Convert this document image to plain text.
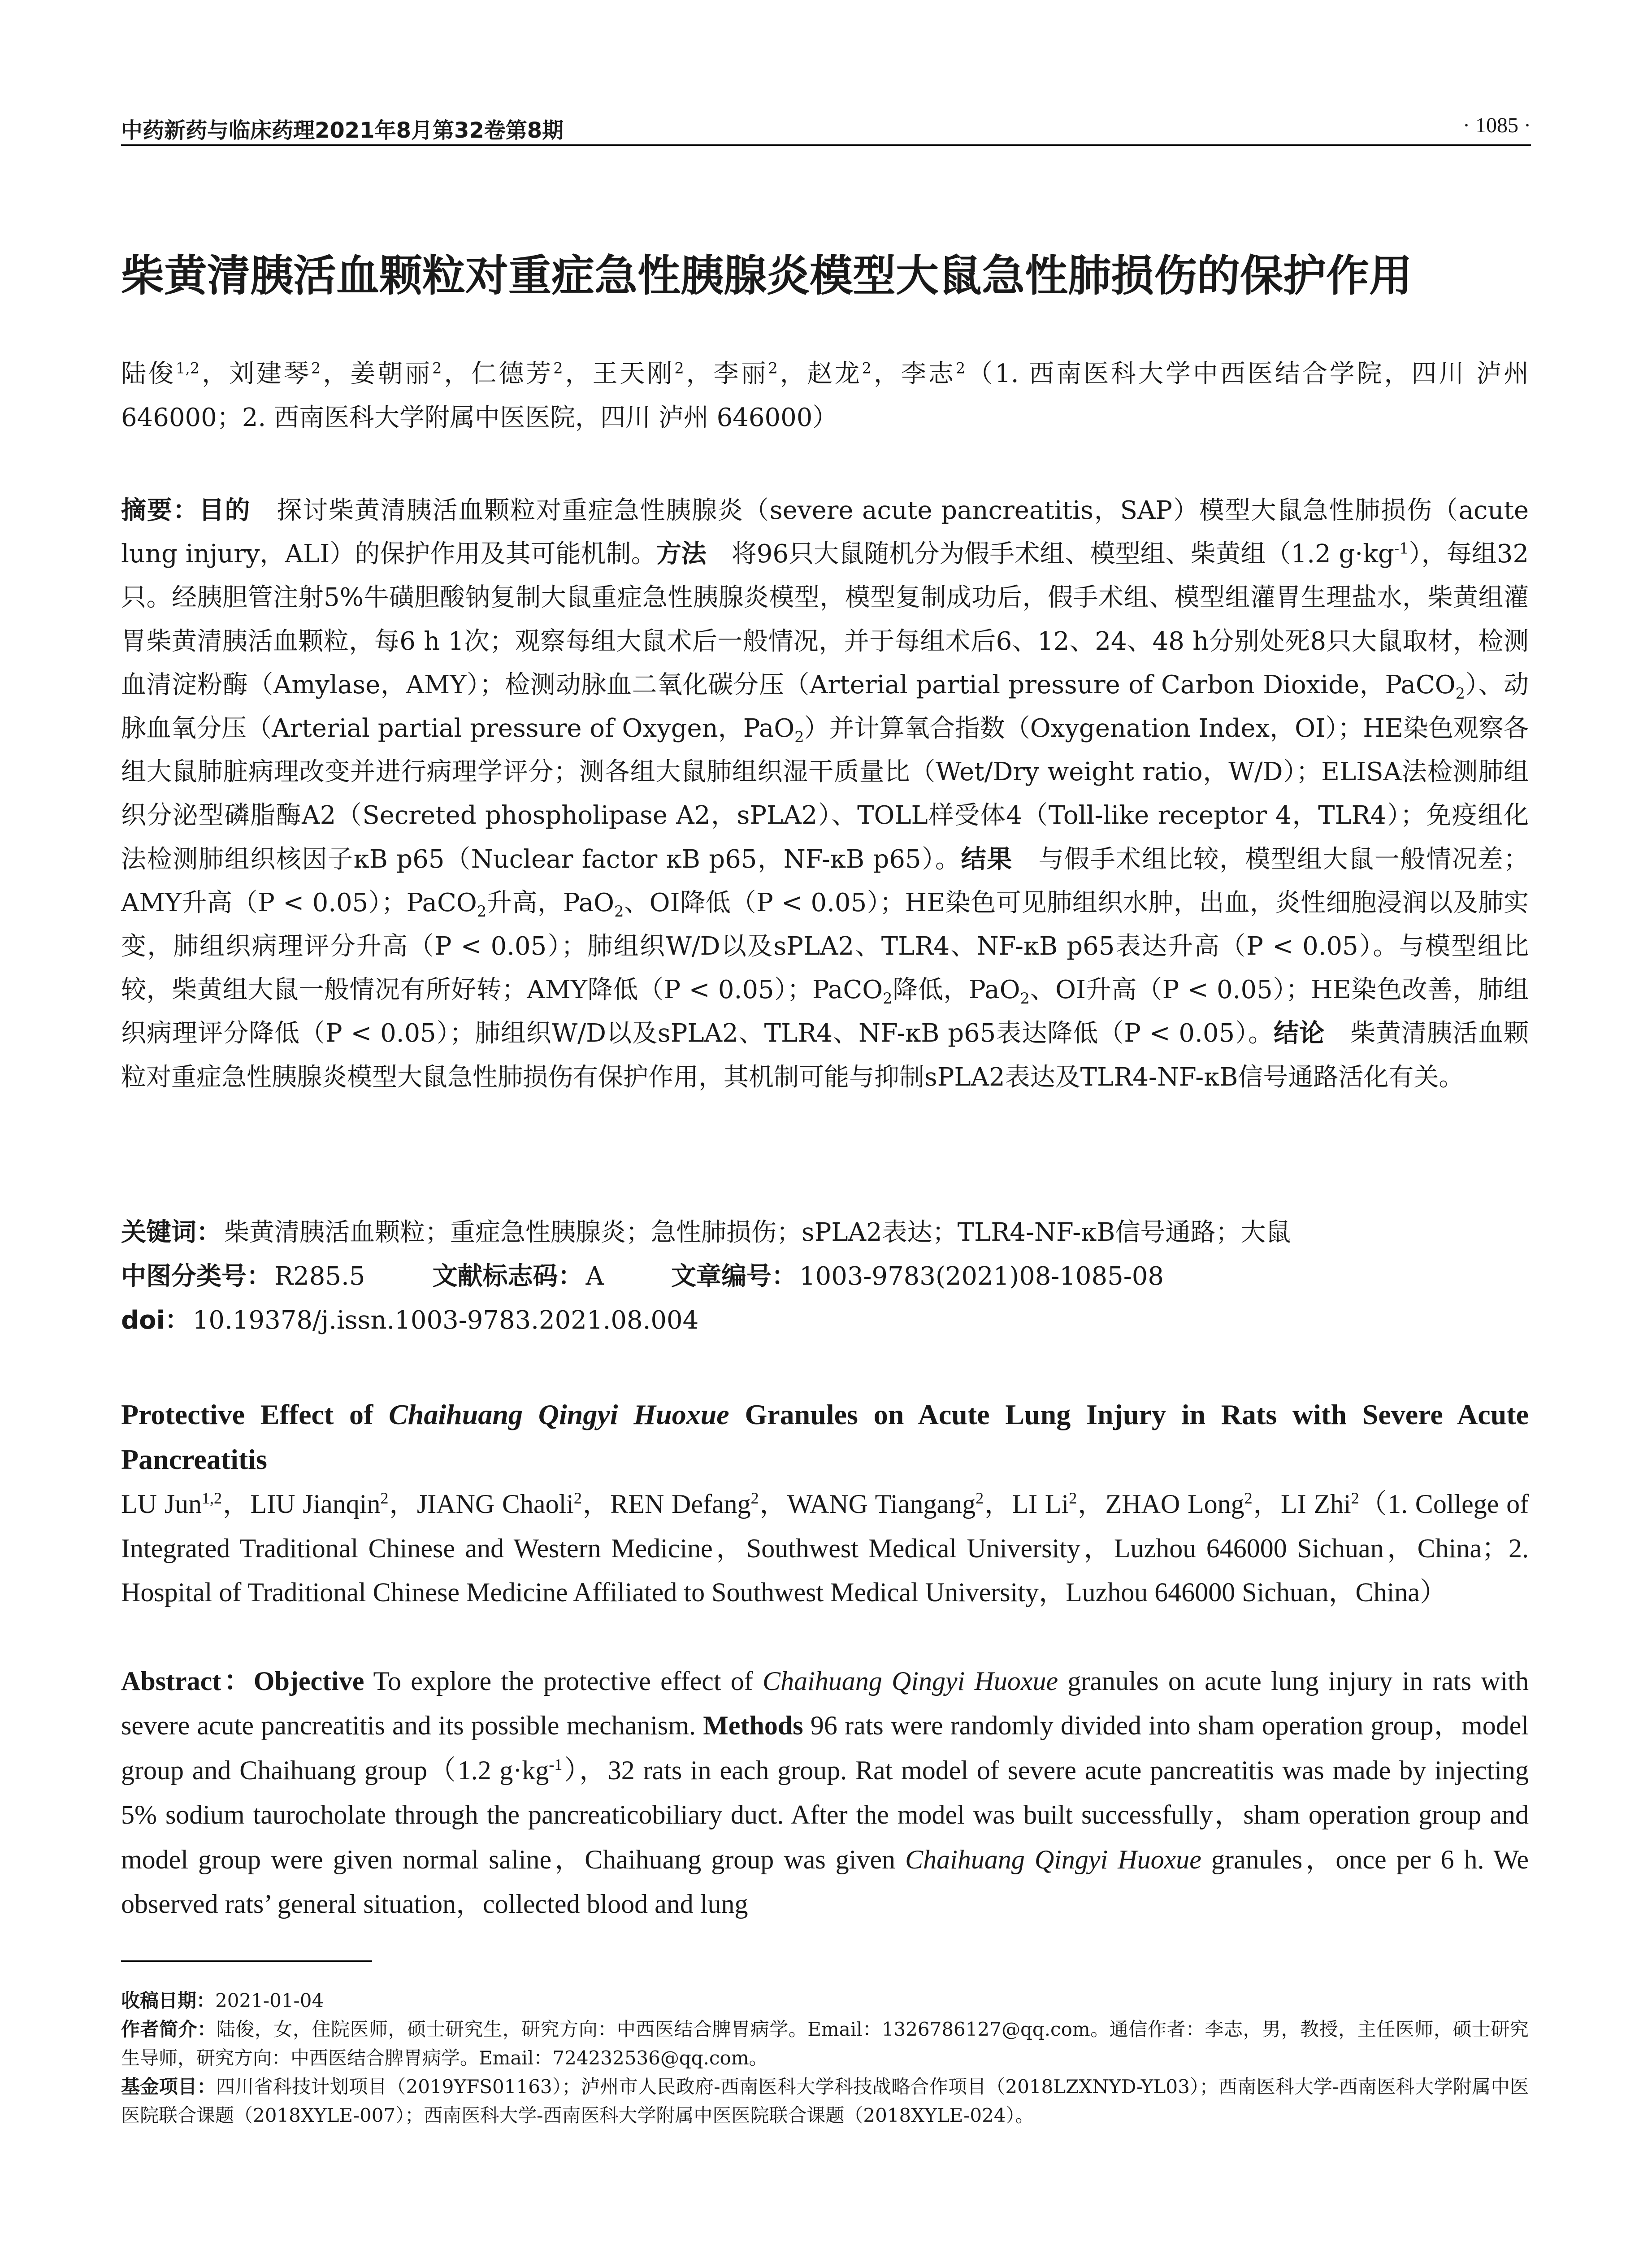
中药新药与临床药理2021年8月第32卷第8期	· 1085 ·
柴黄清胰活血颗粒对重症急性胰腺炎模型大鼠急性肺损伤的保护作用

陆俊$^{1,2}$，刘建琴$^2$，姜朝丽$^2$，仁德芳$^2$，王天刚$^2$，李丽$^2$，赵龙$^2$，李志$^2$（1. 西南医科大学中西医结合学院，四川 泸州 646000；2. 西南医科大学附属中医医院，四川 泸州 646000）

摘要：目的　 探讨柴黄清胰活血颗粒对重症急性胰腺炎（severe acute pancreatitis，SAP）模型大鼠急性肺损伤（acute lung injury，ALI）的保护作用及其可能机制。方法　 将96只大鼠随机分为假手术组、模型组、柴黄组（1.2 $g\cdot kg^{-1}$），每组32只。经胰胆管注射5%牛磺胆酸钠复制大鼠重症急性胰腺炎模型，模型复制成功后，假手术组、模型组灌胃生理盐水，柴黄组灌胃柴黄清胰活血颗粒，每6 h 1次；观察每组大鼠术后一般情况，并于每组术后6、12、24、48 h分别处死8只大鼠取材，检测血清淀粉酶（Amylase，AMY）；检测动脉血二氧化碳分压（Arterial partial pressure of Carbon Dioxide，PaCO$_2$）、动脉血氧分压（Arterial partial pressure of Oxygen，PaO$_2$）并计算氧合指数（Oxygenation Index，OI）；HE染色观察各组大鼠肺脏病理改变并进行病理学评分；测各组大鼠肺组织湿干质量比（Wet/Dry weight ratio，W/D）；ELISA法检测肺组织分泌型磷脂酶A2（Secreted phospholipase A2，sPLA2）、TOLL样受体4（Toll-like receptor 4，TLR4）；免疫组化法检测肺组织核因子κB p65（Nuclear factor κB p65，NF-κB p65）。结果　 与假手术组比较，模型组大鼠一般情况差；AMY升高（P < 0.05）；PaCO$_2$升高，PaO$_2$、OI降低（P < 0.05）；HE染色可见肺组织水肿，出血，炎性细胞浸润以及肺实变，肺组织病理评分升高（P < 0.05）；肺组织W/D以及sPLA2、TLR4、NF-κB p65表达升高（P < 0.05）。与模型组比较，柴黄组大鼠一般情况有所好转；AMY降低（P < 0.05）；PaCO$_2$降低，PaO$_2$、OI升高（P < 0.05）；HE染色改善，肺组织病理评分降低（P < 0.05）；肺组织W/D以及sPLA2、TLR4、NF-κB p65表达降低（P < 0.05）。结论　 柴黄清胰活血颗粒对重症急性胰腺炎模型大鼠急性肺损伤有保护作用，其机制可能与抑制sPLA2表达及TLR4-NF-κB信号通路活化有关。

关键词： 柴黄清胰活血颗粒；重症急性胰腺炎；急性肺损伤；sPLA2表达；TLR4-NF-κB信号通路；大鼠

中图分类号： R285.5	文献标志码： A	文章编号： 1003-9783(2021)08-1085-08

doi： 10.19378/j.issn.1003-9783.2021.08.004

Protective Effect of Chaihuang Qingyi Huoxue Granules on Acute Lung Injury in Rats with Severe Acute Pancreatitis

LU Jun$^{1,2}$，LIU Jianqin$^2$，JIANG Chaoli$^2$，REN Defang$^2$，WANG Tiangang$^2$，LI Li$^2$，ZHAO Long$^2$，LI Zhi$^2$（1. College of Integrated Traditional Chinese and Western Medicine，Southwest Medical University，Luzhou 646000 Sichuan，China；2. Hospital of Traditional Chinese Medicine Affiliated to Southwest Medical University，Luzhou 646000 Sichuan，China）

Abstract：Objective To explore the protective effect of Chaihuang Qingyi Huoxue granules on acute lung injury in rats with severe acute pancreatitis and its possible mechanism. Methods 96 rats were randomly divided into sham operation group，model group and Chaihuang group（1.2 $g\cdot kg^{-1}$），32 rats in each group. Rat model of severe acute pancreatitis was made by injecting 5% sodium taurocholate through the pancreaticobiliary duct. After the model was built successfully，sham operation group and model group were given normal saline，Chaihuang group was given Chaihuang Qingyi Huoxue granules，once per 6 h. We observed rats’ general situation，collected blood and lung

收稿日期：2021-01-04

作者简介：陆俊，女，住院医师，硕士研究生，研究方向：中西医结合脾胃病学。Email：1326786127@qq.com。通信作者：李志，男，教授，主任医师，硕士研究生导师，研究方向：中西医结合脾胃病学。Email：724232536@qq.com。

基金项目：四川省科技计划项目（2019YFS01163）；泸州市人民政府-西南医科大学科技战略合作项目（2018LZXNYD-YL03）；西南医科大学-西南医科大学附属中医医院联合课题（2018XYLE-007）；西南医科大学-西南医科大学附属中医医院联合课题（2018XYLE-024）。
